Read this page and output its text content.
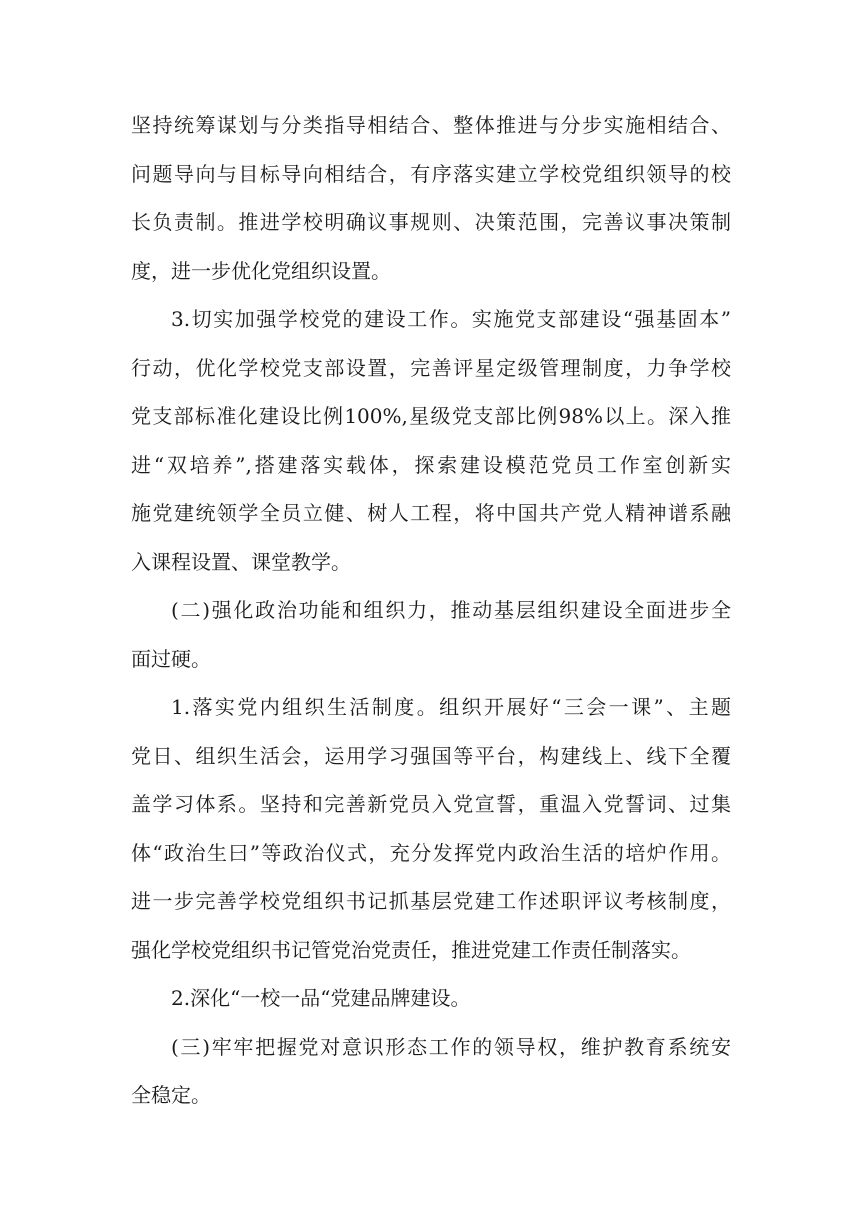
坚持统筹谋划与分类指导相结合、整体推进与分步实施相结合、
问题导向与目标导向相结合，有序落实建立学校党组织领导的校
长负责制。推进学校明确议事规则、决策范围，完善议事决策制
度，进一步优化党组织设置。
3.切实加强学校党的建设工作。实施党支部建设“强基固本”
行动，优化学校党支部设置，完善评星定级管理制度，力争学校
党支部标准化建设比例100%,星级党支部比例98%以上。深入推
进“双培养”,搭建落实载体，探索建设模范党员工作室创新实
施党建统领学全员立健、树人工程，将中国共产党人精神谱系融
入课程设置、课堂教学。
(二)强化政治功能和组织力，推动基层组织建设全面进步全
面过硬。
1.落实党内组织生活制度。组织开展好“三会一课”、主题
党日、组织生活会，运用学习强国等平台，构建线上、线下全覆
盖学习体系。坚持和完善新党员入党宣誓，重温入党誓词、过集
体“政治生曰”等政治仪式，充分发挥党内政治生活的培炉作用。
进一步完善学校党组织书记抓基层党建工作述职评议考核制度，
强化学校党组织书记管党治党责任，推进党建工作责任制落实。
2.深化“一校一品“党建品牌建设。
(三)牢牢把握党对意识形态工作的领导权，维护教育系统安
全稳定。
